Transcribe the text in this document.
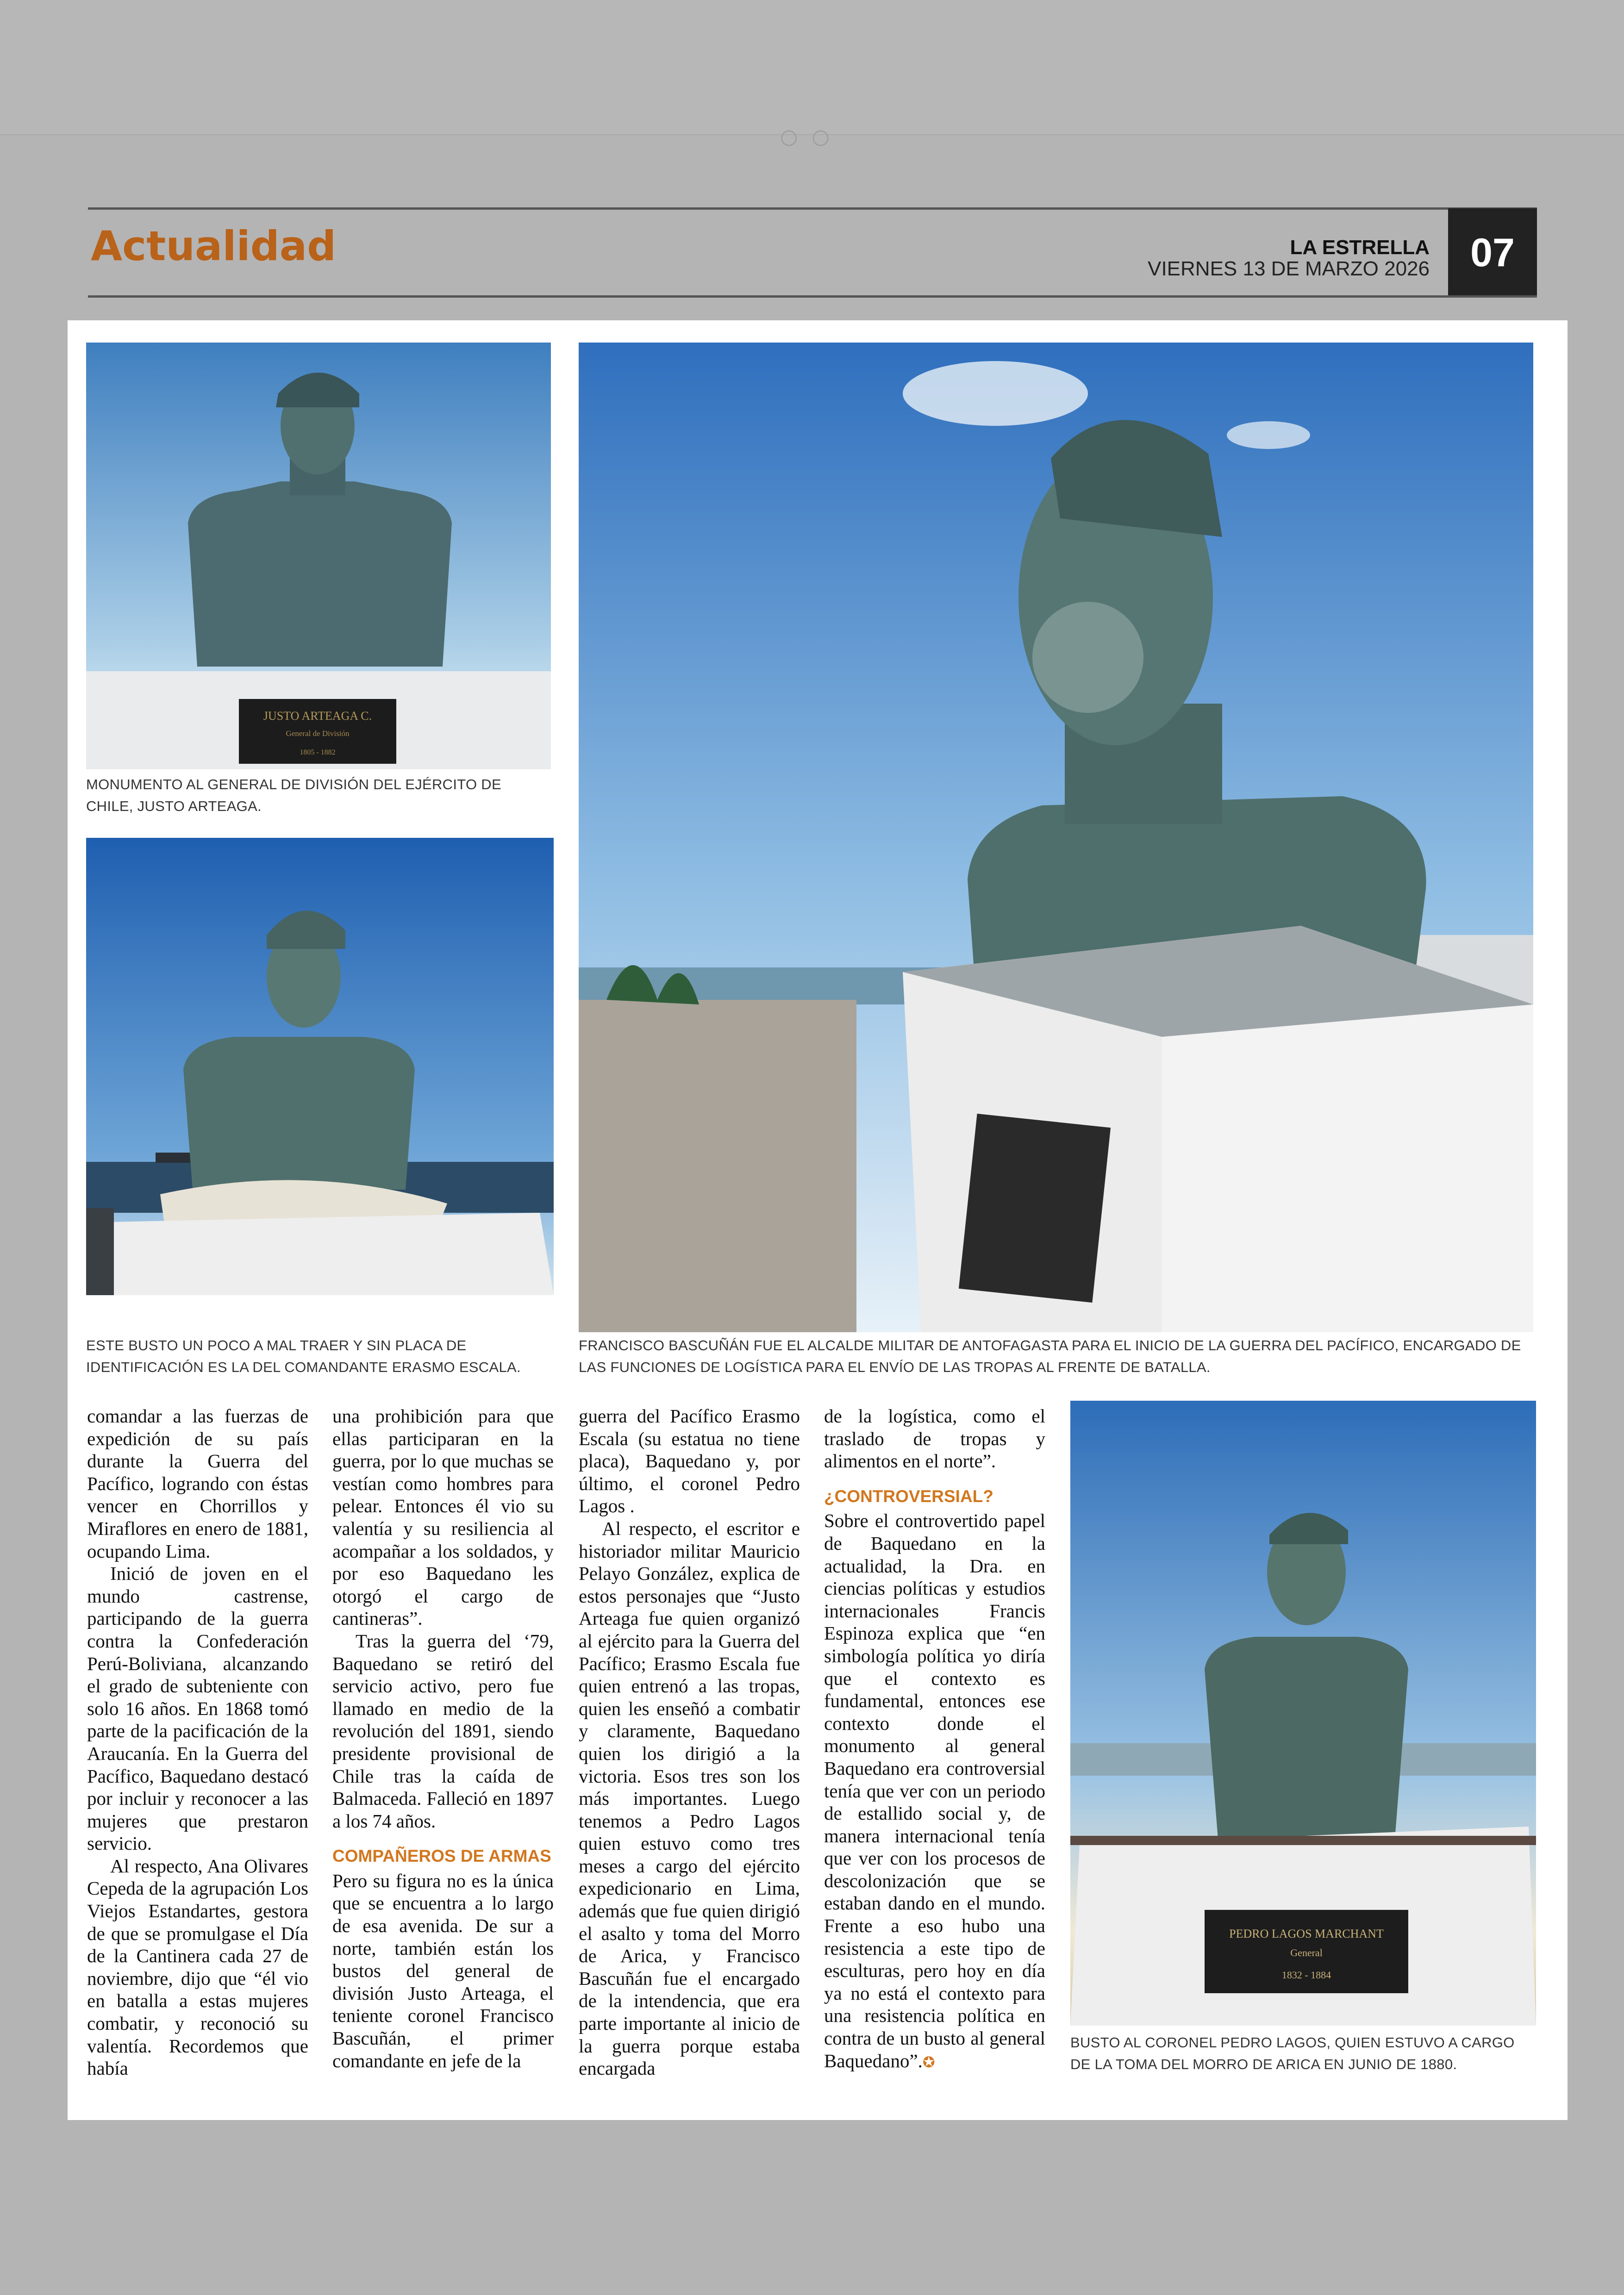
○○
Actualidad	LA ESTRELLA
VIERNES 13 DE MARZO 2026	07
JUSTO ARTEAGA C.
General de División
1805 - 1882
MONUMENTO AL GENERAL DE DIVISIÓN DEL EJÉRCITO DE CHILE, JUSTO ARTEAGA.
ESTE BUSTO UN POCO A MAL TRAER Y SIN PLACA DE IDENTIFICACIÓN ES LA DEL COMANDANTE ERASMO ESCALA.
FRANCISCO BASCUÑÁN FUE EL ALCALDE MILITAR DE ANTOFAGASTA PARA EL INICIO DE LA GUERRA DEL PACÍFICO, ENCARGADO DE LAS FUNCIONES DE LOGÍSTICA PARA EL ENVÍO DE LAS TROPAS AL FRENTE DE BATALLA.

comandar a las fuerzas de expedición de su país durante la Guerra del Pacífico, logrando con éstas vencer en Chorrillos y Miraflores en enero de 1881, ocupando Lima.

Inició de joven en el mundo castrense, participando de la guerra contra la Confederación Perú-Boliviana, alcanzando el grado de subteniente con solo 16 años. En 1868 tomó parte de la pacificación de la Araucanía. En la Guerra del Pacífico, Baquedano destacó por incluir y reconocer a las mujeres que prestaron servicio.

Al respecto, Ana Olivares Cepeda de la agrupación Los Viejos Estandartes, gestora de que se promulgase el Día de la Cantinera cada 27 de noviembre, dijo que “él vio en batalla a estas mujeres combatir, y reconoció su valentía. Recordemos que había

una prohibición para que ellas participaran en la guerra, por lo que muchas se vestían como hombres para pelear. Entonces él vio su valentía y su resiliencia al acompañar a los soldados, y por eso Baquedano les otorgó el cargo de cantineras”.

Tras la guerra del ‘79, Baquedano se retiró del servicio activo, pero fue llamado en medio de la revolución del 1891, siendo presidente provisional de Chile tras la caída de Balmaceda. Falleció en 1897 a los 74 años.

COMPAÑEROS DE ARMAS

Pero su figura no es la única que se encuentra a lo largo de esa avenida. De sur a norte, también están los bustos del general de división Justo Arteaga, el teniente coronel Francisco Bascuñán, el primer comandante en jefe de la

guerra del Pacífico Erasmo Escala (su estatua no tiene placa), Baquedano y, por último, el coronel Pedro Lagos .

Al respecto, el escritor e historiador militar Mauricio Pelayo González, explica de estos personajes que “Justo Arteaga fue quien organizó al ejército para la Guerra del Pacífico; Erasmo Escala fue quien entrenó a las tropas, quien les enseñó a combatir y claramente, Baquedano quien los dirigió a la victoria. Esos tres son los más importantes. Luego tenemos a Pedro Lagos quien estuvo como tres meses a cargo del ejército expedicionario en Lima, además que fue quien dirigió el asalto y toma del Morro de Arica, y Francisco Bascuñán fue el encargado de la intendencia, que era parte importante al inicio de la guerra porque estaba encargada

de la logística, como el traslado de tropas y alimentos en el norte”.

¿CONTROVERSIAL?

Sobre el controvertido papel de Baquedano en la actualidad, la Dra. en ciencias políticas y estudios internacionales Francis Espinoza explica que “en simbología política yo diría que el contexto es fundamental, entonces ese contexto donde el monumento al general Baquedano era controversial tenía que ver con un periodo de estallido social y, de manera internacional tenía que ver con los procesos de descolonización que se estaban dando en el mundo. Frente a eso hubo una resistencia a este tipo de esculturas, pero hoy en día ya no está el contexto para una resistencia política en contra de un busto al general Baquedano”.✪

PEDRO LAGOS MARCHANT
General
1832 - 1884
BUSTO AL CORONEL PEDRO LAGOS, QUIEN ESTUVO A CARGO DE LA TOMA DEL MORRO DE ARICA EN JUNIO DE 1880.
